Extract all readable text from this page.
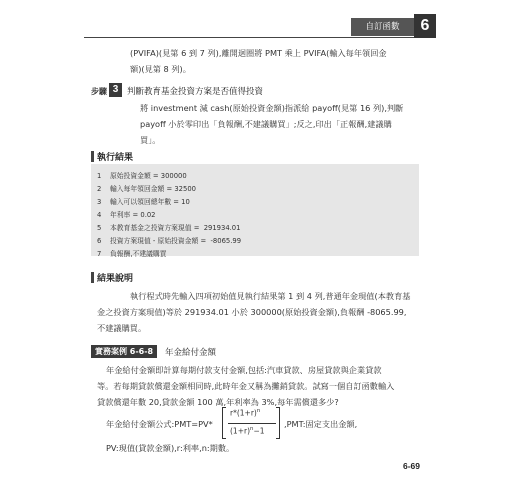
自訂函數	6
(PVIFA)(見第 6 到 7 列),離開迴圈將 PMT 乘上 PVIFA(輸入每年領回金
額)(見第 8 列)。
步驟 3	判斷教育基金投資方案是否值得投資
將 investment 減 cash(原始投資金額)指派給 payoff(見第 16 列),判斷
payoff 小於零印出「負報酬,不建議購買」;反之,印出「正報酬,建議購
買」。
執行結果
1    原始投資金額 = 300000
2    輸入每年領回金額 = 32500
3    輸入可以領回總年數 = 10
4    年利率 = 0.02
5    本教育基金之投資方案現值 =  291934.01
6    投資方案現值 - 原始投資金額 =  -8065.99
7    負報酬,不建議購買
結果說明
執行程式時先輸入四項初始值見執行結果第 1 到 4 列,普通年金現值(本教育基
金之投資方案現值)等於 291934.01 小於 300000(原始投資金額),負報酬 -8065.99,
不建議購買。
實務案例 6-6-8	年金給付金額
年金給付金額即計算每期付款支付金額,包括:汽車貸款、房屋貸款與企業貸款
等。若每期貸款償還金額相同時,此時年金又稱為攤銷貸款。試寫一個自訂函數輸入
貸款償還年數 20,貸款金額 100 萬,年利率為 3%,每年需償還多少?
年金給付金額公式:PMT=PV*
$r*(1+r)^n$
$(1+r)^n-1$
,PMT:固定支出金額,
PV:現值(貸款金額),r:利率,n:期數。
6-69
